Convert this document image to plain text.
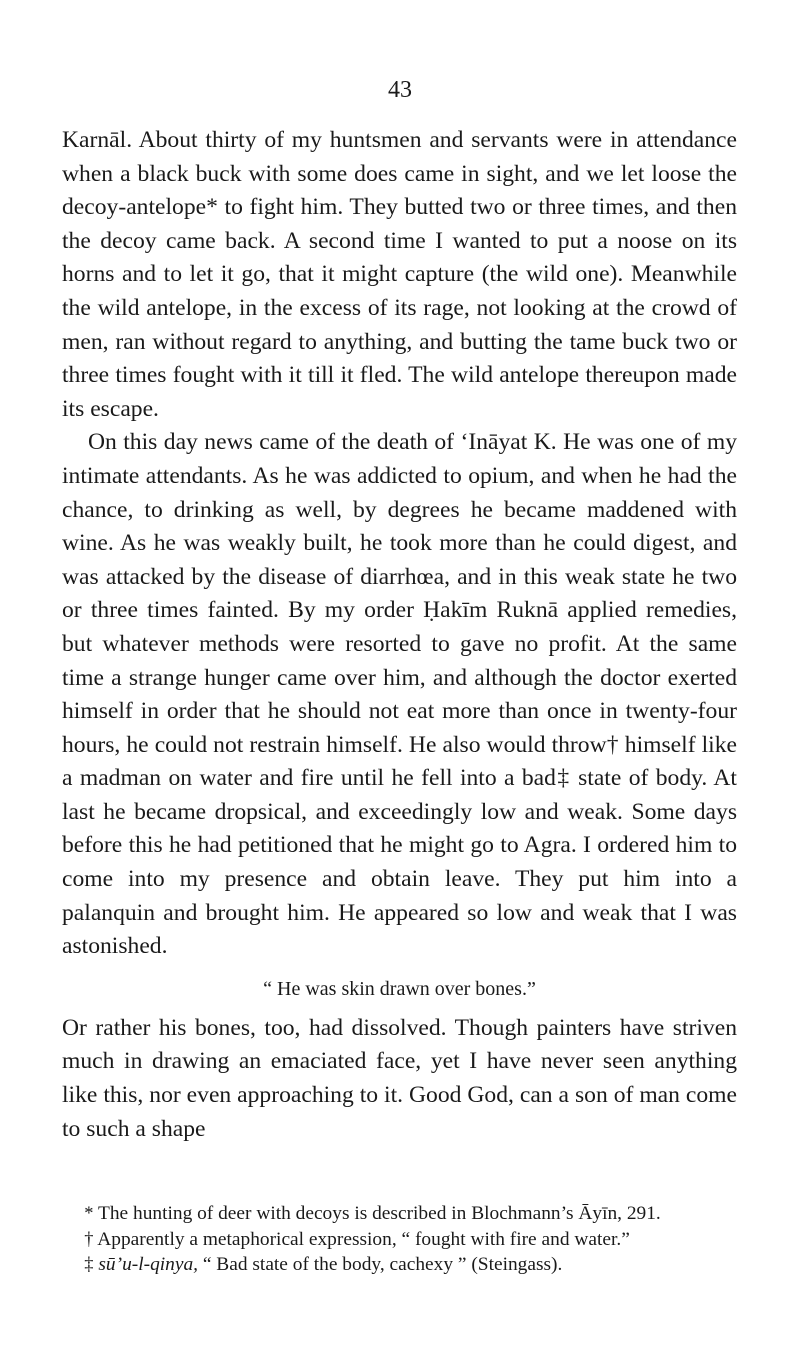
43

Karnāl. About thirty of my huntsmen and servants were in attendance when a black buck with some does came in sight, and we let loose the decoy-antelope* to fight him. They butted two or three times, and then the decoy came back. A second time I wanted to put a noose on its horns and to let it go, that it might capture (the wild one). Meanwhile the wild antelope, in the excess of its rage, not looking at the crowd of men, ran without regard to anything, and butting the tame buck two or three times fought with it till it fled. The wild antelope thereupon made its escape.

On this day news came of the death of ‘Ināyat K. He was one of my intimate attendants. As he was addicted to opium, and when he had the chance, to drinking as well, by degrees he became maddened with wine. As he was weakly built, he took more than he could digest, and was attacked by the disease of diarrhœa, and in this weak state he two or three times fainted. By my order Ḥakīm Ruknā applied remedies, but whatever methods were resorted to gave no profit. At the same time a strange hunger came over him, and although the doctor exerted himself in order that he should not eat more than once in twenty-four hours, he could not restrain himself. He also would throw† himself like a madman on water and fire until he fell into a bad‡ state of body. At last he became dropsical, and exceedingly low and weak. Some days before this he had petitioned that he might go to Agra. I ordered him to come into my presence and obtain leave. They put him into a palanquin and brought him. He appeared so low and weak that I was astonished.

“ He was skin drawn over bones.”

Or rather his bones, too, had dissolved. Though painters have striven much in drawing an emaciated face, yet I have never seen anything like this, nor even approaching to it. Good God, can a son of man come to such a shape

* The hunting of deer with decoys is described in Blochmann’s Āyīn, 291.

† Apparently a metaphorical expression, “ fought with fire and water.”

‡ sū’u-l-qinya, “ Bad state of the body, cachexy ” (Steingass).
